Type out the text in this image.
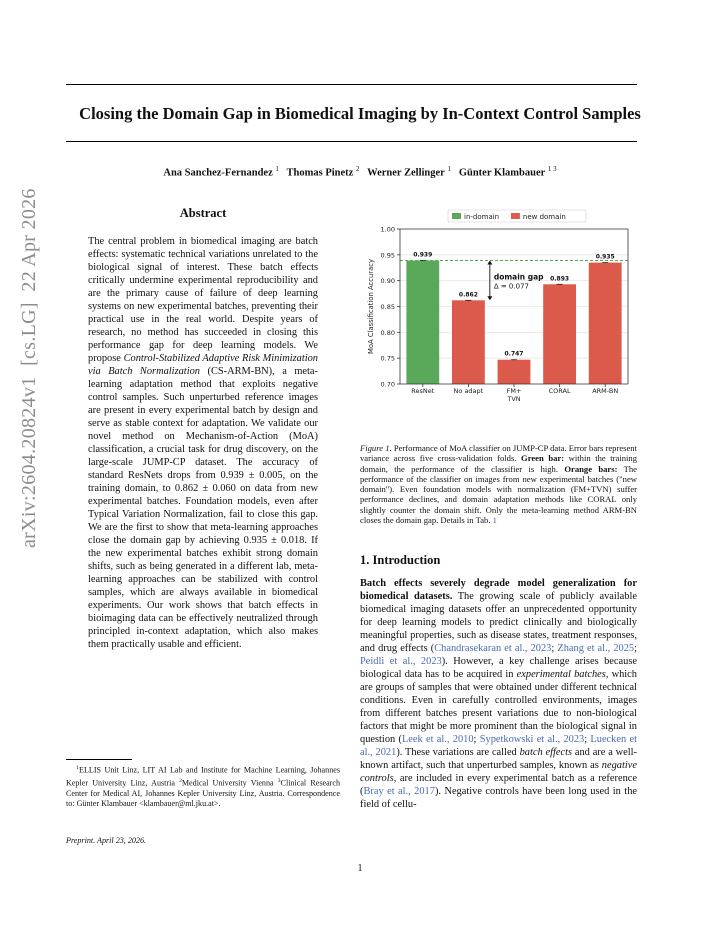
Closing the Domain Gap in Biomedical Imaging by In-Context Control Samples
Ana Sanchez-Fernandez $^1$ Thomas Pinetz $^2$ Werner Zellinger $^1$ Günter Klambauer $^{1 3}$
arXiv:2604.20824v1  [cs.LG]  22 Apr 2026	Abstract
The central problem in biomedical imaging are batch effects: systematic technical variations unrelated to the biological signal of interest. These batch effects critically undermine experimental reproducibility and are the primary cause of failure of deep learning systems on new experimental batches, preventing their practical use in the real world. Despite years of research, no method has succeeded in closing this performance gap for deep learning models. We propose Control-Stabilized Adaptive Risk Minimization via Batch Normalization (CS-ARM-BN), a meta-learning adaptation method that exploits negative control samples. Such unperturbed reference images are present in every experimental batch by design and serve as stable context for adaptation. We validate our novel method on Mechanism-of-Action (MoA) classification, a crucial task for drug discovery, on the large-scale JUMP-CP dataset. The accuracy of standard ResNets drops from 0.939 ± 0.005, on the training domain, to 0.862 ± 0.060 on data from new experimental batches. Foundation models, even after Typical Variation Normalization, fail to close this gap. We are the first to show that meta-learning approaches close the domain gap by achieving 0.935 ± 0.018. If the new experimental batches exhibit strong domain shifts, such as being generated in a different lab, meta-learning approaches can be stabilized with control samples, which are always available in biomedical experiments. Our work shows that batch effects in bioimaging data can be effectively neutralized through principled in-context adaptation, which also makes them practically usable and efficient.
$^1$ELLIS Unit Linz, LIT AI Lab and Institute for Machine Learning, Johannes Kepler University Linz, Austria $^2$Medical University Vienna $^3$Clinical Research Center for Medical AI, Johannes Kepler University Linz, Austria. Correspondence to: Günter Klambauer <klambauer@ml.jku.at>.
Preprint. April 23, 2026.
1
in-domain	new domain
0.939
0.862
0.747
0.893
0.935
0.70
0.75
0.80
0.85
0.90
0.95
1.00
MoA Classification Accuracy
ResNet	No adapt	FM+
TVN
CORAL	ARM-BN
domain gap
Δ = 0.077
Figure 1. Performance of MoA classifier on JUMP-CP data. Error bars represent variance across five cross-validation folds. Green bar: within the training domain, the performance of the classifier is high. Orange bars: The performance of the classifier on images from new experimental batches ("new domain"). Even foundation models with normalization (FM+TVN) suffer performance declines, and domain adaptation methods like CORAL only slightly counter the domain shift. Only the meta-learning method ARM-BN closes the domain gap. Details in Tab. 1
1. Introduction
Batch effects severely degrade model generalization for biomedical datasets. The growing scale of publicly available biomedical imaging datasets offer an unprecedented opportunity for deep learning models to predict clinically and biologically meaningful properties, such as disease states, treatment responses, and drug effects (Chandrasekaran et al., 2023; Zhang et al., 2025; Peidli et al., 2023). However, a key challenge arises because biological data has to be acquired in experimental batches, which are groups of samples that were obtained under different technical conditions. Even in carefully controlled environments, images from different batches present variations due to non-biological factors that might be more prominent than the biological signal in question (Leek et al., 2010; Sypetkowski et al., 2023; Luecken et al., 2021). These variations are called batch effects and are a well-known artifact, such that unperturbed samples, known as negative controls, are included in every experimental batch as a reference (Bray et al., 2017). Negative controls have been long used in the field of cellu-
